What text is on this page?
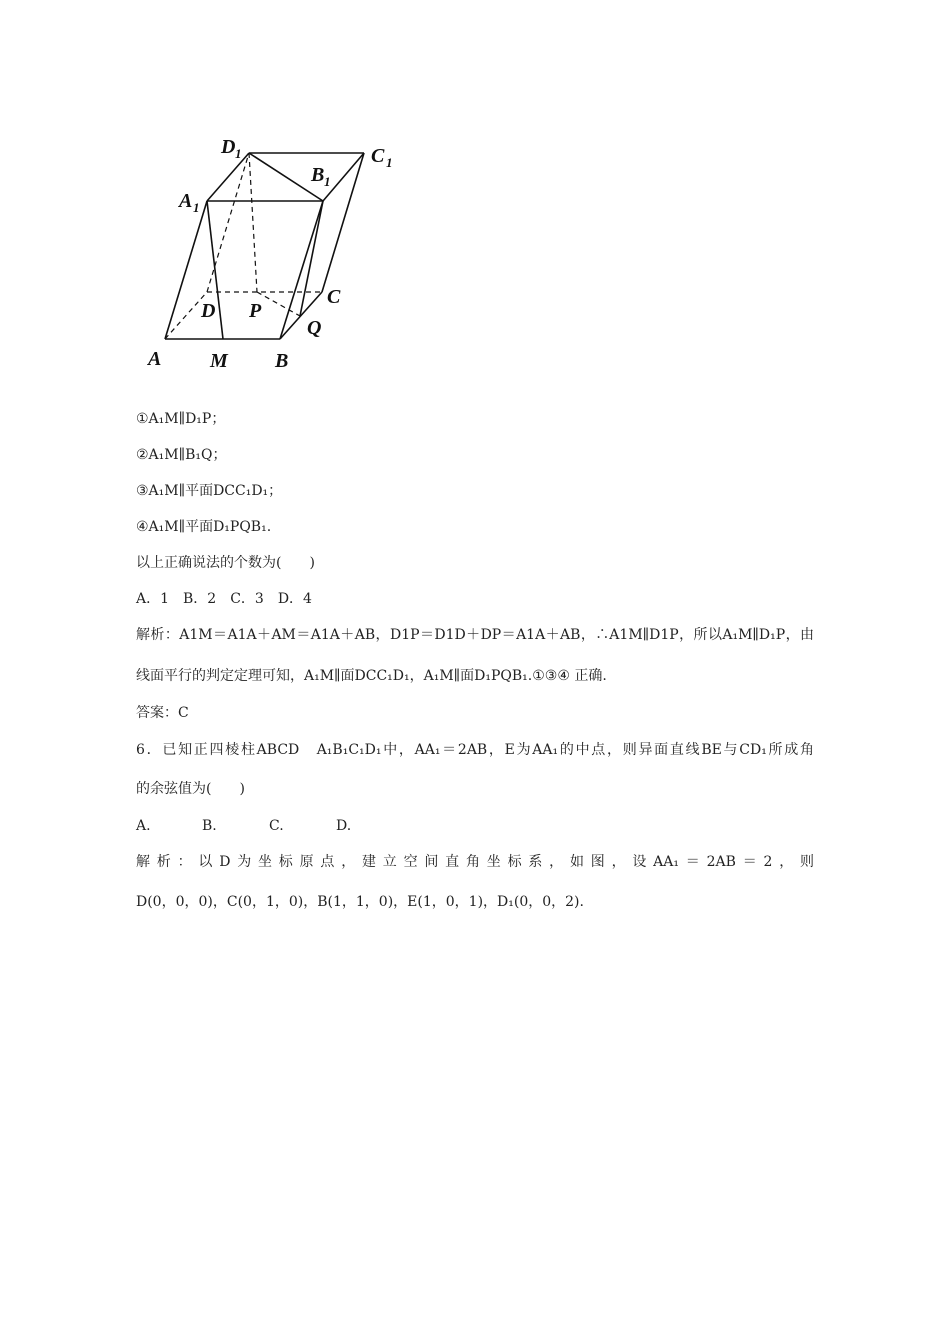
D 1	C 1
B 1
A 1
D P
C
Q
A M B
①A₁M∥D₁P；
②A₁M∥B₁Q；
③A₁M∥平面DCC₁D₁；
④A₁M∥平面D₁PQB₁.
以上正确说法的个数为(　　)
A．1　B．2　C．3　D．4
解析：A1M＝A1A＋AM＝A1A＋AB，D1P＝D1D＋DP＝A1A＋AB，∴A1M∥D1P，所以A₁M∥D₁P，由
线面平行的判定定理可知，A₁M∥面DCC₁D₁，A₁M∥面D₁PQB₁.①③④ 正确.
答案：C
6．已知正四棱柱ABCD　A₁B₁C₁D₁中，AA₁＝2AB，E为AA₁的中点，则异面直线BE与CD₁所成角
的余弦值为(　　)
A.	B.	C.	D.
解析：以D为坐标原点，建立空间直角坐标系，如图，设AA₁＝2AB＝2，则
D(0，0，0)，C(0，1，0)，B(1，1，0)，E(1，0，1)，D₁(0，0，2).
